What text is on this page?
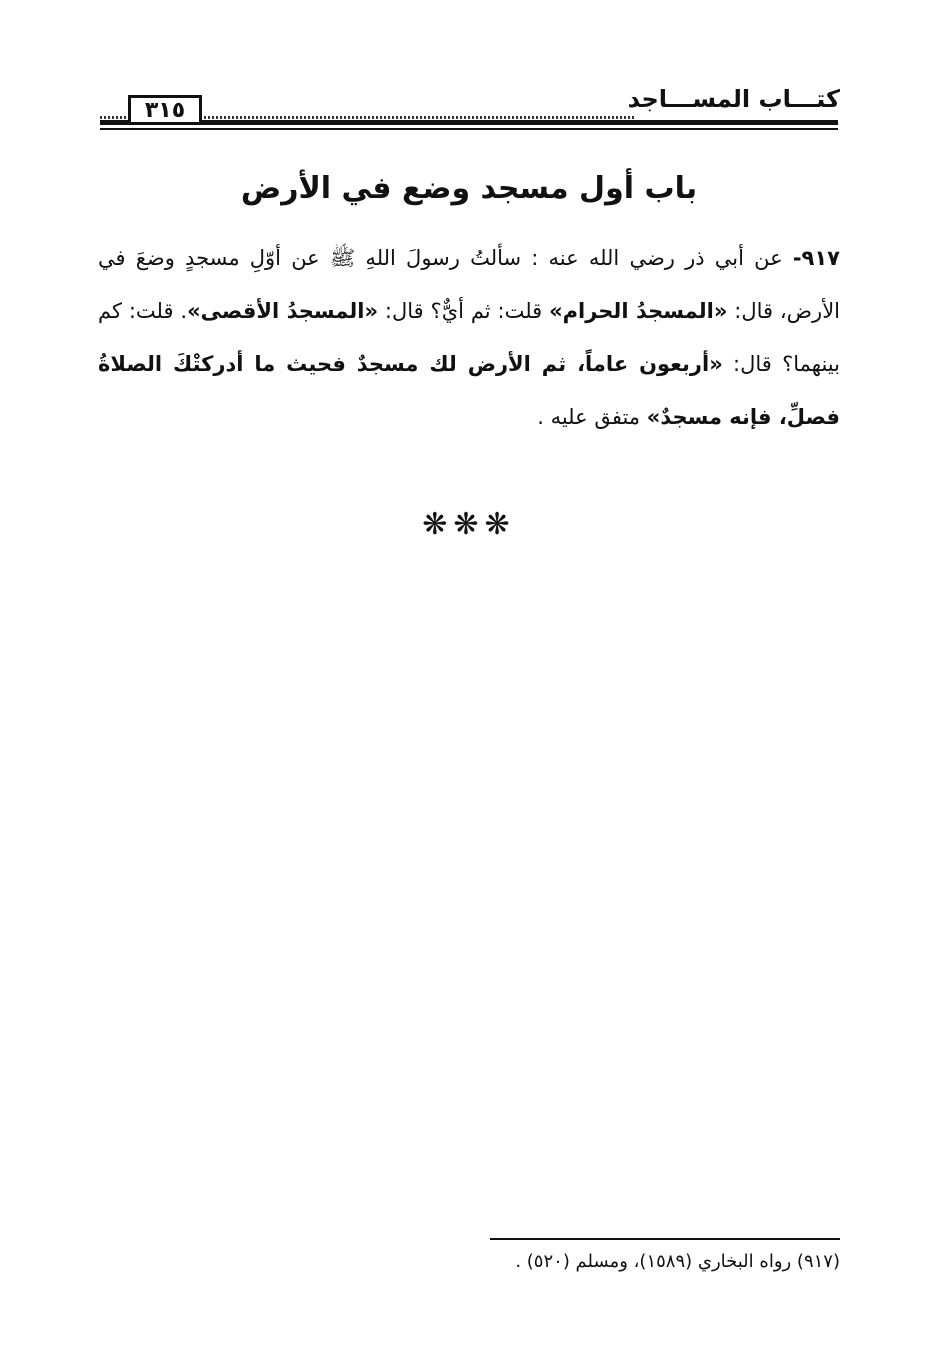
٣١٥	كتـــاب المســـاجد
باب أول مسجد وضع في الأرض

٩١٧- عن أبي ذر رضي الله عنه : سألتُ رسولَ اللهِ ﷺ عن أوّلِ مسجدٍ وضعَ في الأرض، قال: «المسجدُ الحرام» قلت: ثم أيٌّ؟ قال: «المسجدُ الأقصى». قلت: كم بينهما؟ قال: «أربعون عاماً، ثم الأرض لك مسجدٌ فحيث ما أدركتْكَ الصلاةُ فصلِّ، فإنه مسجدٌ» متفق عليه .

❋❋❋
(٩١٧) رواه البخاري (١٥٨٩)، ومسلم (٥٢٠) .
